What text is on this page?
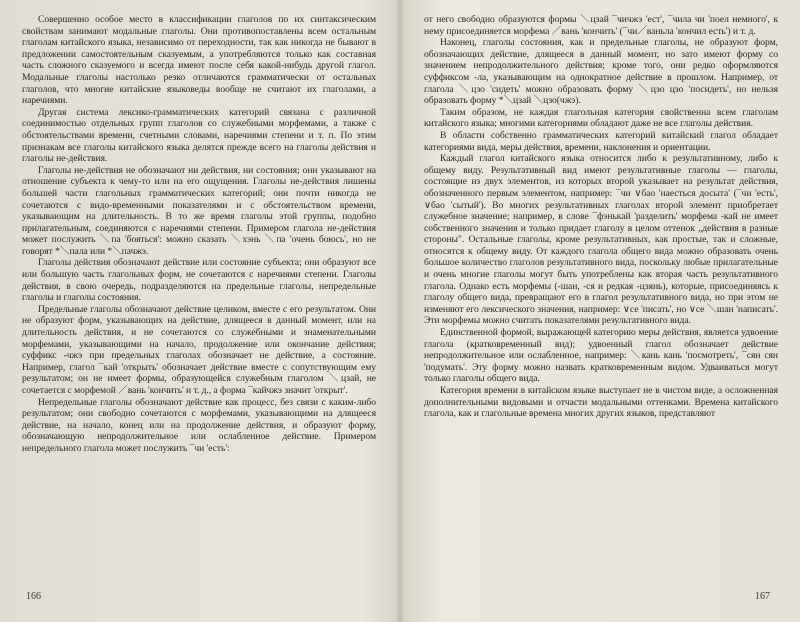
Совершенно особое место в классификации глаголов по их синтаксическим свойствам занимают модальные глаголы. Они противопоставлены всем остальным глаголам китайского языка, независимо от переходности, так как никогда не бывают в предложении самостоятельным сказуемым, а употребляются только как составная часть сложного сказуемого и всегда имеют после себя какой-нибудь другой глагол. Модальные глаголы настолько резко отличаются грамматически от остальных глаголов, что многие китайские языковеды вообще не считают их глаголами, а наречиями.

Другая система лексико-грамматических категорий связана с различной соединимостью отдельных групп глаголов со служебными морфемами, а также с обстоятельствами времени, счетными словами, наречиями степени и т. п. По этим признакам все глаголы китайского языка делятся прежде всего на глаголы действия и глаголы не-действия.

Глаголы не-действия не обозначают ни действия, ни состояния; они указывают на отношение субъекта к чему-то или на его ощущения. Глаголы не-действия лишены большей части глагольных грамматических категорий; они почти никогда не сочетаются с видо-временными показателями и с обстоятельством времени, указывающим на длительность. В то же время глаголы этой группы, подобно прилагательным, соединяются с наречиями степени. Примером глагола не-действия может послужить ＼па 'бояться': можно сказать ＼хэнь ＼па 'очень боюсь', но не говорят *＼пала или *＼пачжэ.

Глаголы действия обозначают действие или состояние субъекта; они образуют все или большую часть глагольных форм, не сочетаются с наречиями степени. Глаголы действия, в свою очередь, подразделяются на предельные глаголы, непредельные глаголы и глаголы состояния.

Предельные глаголы обозначают действие целиком, вместе с его результатом. Они не образуют форм, указывающих на действие, длящееся в данный момент, или на длительность действия, и не сочетаются со служебными и знаменательными морфемами, указывающими на начало, продолжение или окончание действия; суффикс -чжэ при предельных глаголах обозначает не действие, а состояние. Например, глагол ¯кай 'открыть' обозначает действие вместе с сопутствующим ему результатом; он не имеет формы, образующейся служебным глаголом ＼цзай, не сочетается с морфемой ／вань 'кончить' и т. д., а форма ¯кайчжэ значит 'открыт'.

Непредельные глаголы обозначают действие как процесс, без связи с каким-либо результатом; они свободно сочетаются с морфемами, указывающими на длящееся действие, на начало, конец или на продолжение действия, и образуют форму, обозначающую непродолжительное или ослабленное действие. Примером непредельного глагола может послужить ¯чи 'есть':

166

от него свободно образуются формы ＼цзай ¯чичжэ 'ест', ¯чила чи 'поел немного', к нему присоединяется морфема ／вань 'кончить' (¯чи／ваньла 'кончил есть') и т. д.

Наконец, глаголы состояния, как и предельные глаголы, не образуют форм, обозначающих действие, длящееся в данный момент, но зато имеют форму со значением непродолжительного действия; кроме того, они редко оформляются суффиксом -ла, указывающим на однократное действие в прошлом. Например, от глагола ＼цзо 'сидеть' можно образовать форму ＼цзо цзо 'посидеть', но нельзя образовать форму *＼цзай ＼цзо(чжэ).

Таким образом, не каждая глагольная категория свойственна всем глаголам китайского языка; многими категориями обладают даже не все глаголы действия.

В области собственно грамматических категорий китайский глагол обладает категориями вида, меры действия, времени, наклонения и ориентации.

Каждый глагол китайского языка относится либо к результативному, либо к общему виду. Результативный вид имеют результативные глаголы — глаголы, состоящие из двух элементов, из которых второй указывает на результат действия, обозначенного первым элементом, например: ¯чи ∨бао 'наесться досыта' (¯чи 'есть', ∨бао 'сытый'). Во многих результативных глаголах второй элемент приобретает служебное значение; например, в слове ¯фэнькай 'разделить' морфема -кай не имеет собственного значения и только придает глаголу в целом оттенок „действия в разные стороны". Остальные глаголы, кроме результативных, как простые, так и сложные, относятся к общему виду. От каждого глагола общего вида можно образовать очень большое количество глаголов результативного вида, поскольку любые прилагательные и очень многие глаголы могут быть употреблены как вторая часть результативного глагола. Однако есть морфемы (-шан, -ся и редкая -цзянь), которые, присоединяясь к глаголу общего вида, превращают его в глагол результативного вида, но при этом не изменяют его лексического значения, например: ∨се 'писать', но ∨се ＼шан 'написать'. Эти морфемы можно считать показателями результативного вида.

Единственной формой, выражающей категорию меры действия, является удвоение глагола (кратковременный вид); удвоенный глагол обозначает действие непродолжительное или ослабленное, например: ＼кань кань 'посмотреть', ¯сян сян 'подумать'. Эту форму можно назвать кратковременным видом. Удваиваться могут только глаголы общего вида.

Категория времени в китайском языке выступает не в чистом виде, а осложненная дополнительными видовыми и отчасти модальными оттенками. Времена китайского глагола, как и глагольные времена многих других языков, представляют

167
